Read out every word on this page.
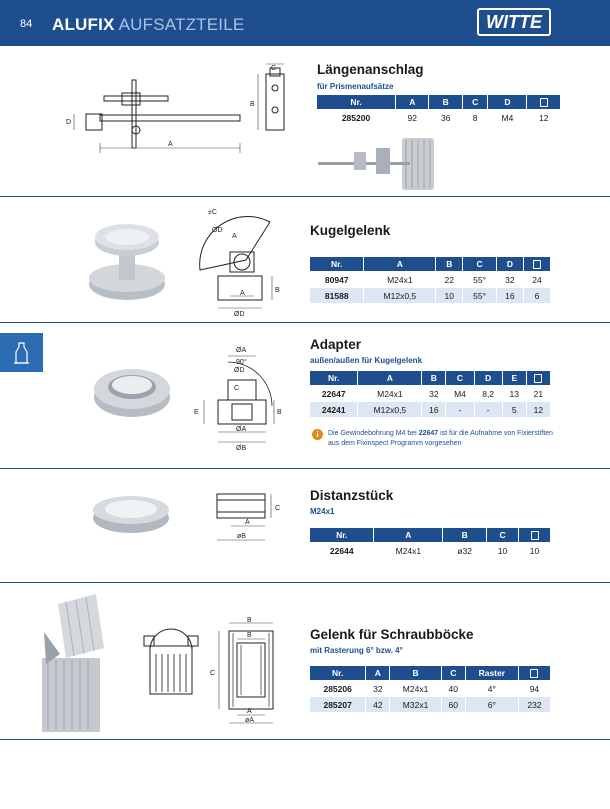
84 ALUFIX AUFSATZTEILE	WITTE
A
B
C
D
Längenanschlag
für Prismenaufsätze
Nr.	A	B	C	D	
285200	92	36	8	M4	12
±C
ØD
A
B
A
ØD
Kugelgelenk
Nr.	A	B	C	D	
80947	M24x1	22	55°	32	24
81588	M12x0,5	10	55°	16	6
ØA
90°
ØD
C
E	B
ØA
ØB
Adapter
außen/außen für Kugelgelenk
Nr.	A	B	C	D	E	
22647	M24x1	32	M4	8,2	13	21
24241	M12x0,5	16	-	-	5	12
i	Die Gewindebohrung M4 bei 22647 ist für die Aufnahme von Fixierstiften aus dem Fixinspect Programm vorgesehen
C
A
øB
Distanzstück
M24x1
Nr.	A	B	C	
22644	M24x1	ø32	10	10
B
C
B
A
øA
Gelenk für Schraubböcke
mit Rasterung 6° bzw. 4°
Nr.	A	B	C	Raster	
285206	32	M24x1	40	4°	94
285207	42	M32x1	60	6°	232
